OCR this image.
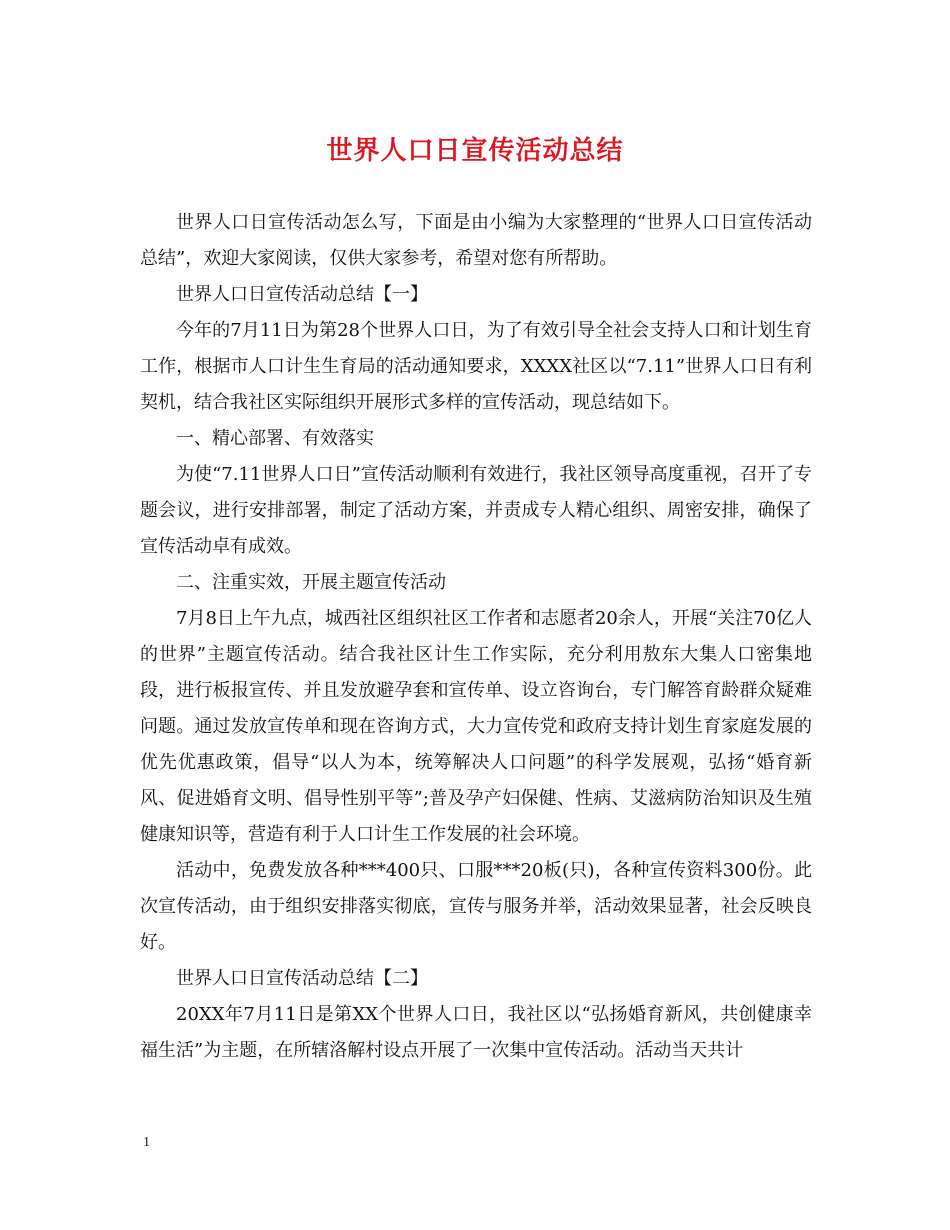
世界人口日宣传活动总结

世界人口日宣传活动怎么写，下面是由小编为大家整理的“世界人口日宣传活动总结”，欢迎大家阅读，仅供大家参考，希望对您有所帮助。

世界人口日宣传活动总结【一】

今年的7月11日为第28个世界人口日，为了有效引导全社会支持人口和计划生育工作，根据市人口计生生育局的活动通知要求，XXXX社区以“7.11”世界人口日有利契机，结合我社区实际组织开展形式多样的宣传活动，现总结如下。

一、精心部署、有效落实

为使“7.11世界人口日”宣传活动顺利有效进行，我社区领导高度重视，召开了专题会议，进行安排部署，制定了活动方案，并责成专人精心组织、周密安排，确保了宣传活动卓有成效。

二、注重实效，开展主题宣传活动

7月8日上午九点，城西社区组织社区工作者和志愿者20余人，开展“关注70亿人的世界”主题宣传活动。结合我社区计生工作实际，充分利用敖东大集人口密集地段，进行板报宣传、并且发放避孕套和宣传单、设立咨询台，专门解答育龄群众疑难问题。通过发放宣传单和现在咨询方式，大力宣传党和政府支持计划生育家庭发展的优先优惠政策，倡导“以人为本，统筹解决人口问题”的科学发展观，弘扬“婚育新风、促进婚育文明、倡导性别平等”;普及孕产妇保健、性病、艾滋病防治知识及生殖健康知识等，营造有利于人口计生工作发展的社会环境。

活动中，免费发放各种***400只、口服***20板(只)，各种宣传资料300份。此次宣传活动，由于组织安排落实彻底，宣传与服务并举，活动效果显著，社会反映良好。

世界人口日宣传活动总结【二】

20XX年7月11日是第XX个世界人口日，我社区以“弘扬婚育新风，共创健康幸福生活”为主题，在所辖洛解村设点开展了一次集中宣传活动。活动当天共计

1
